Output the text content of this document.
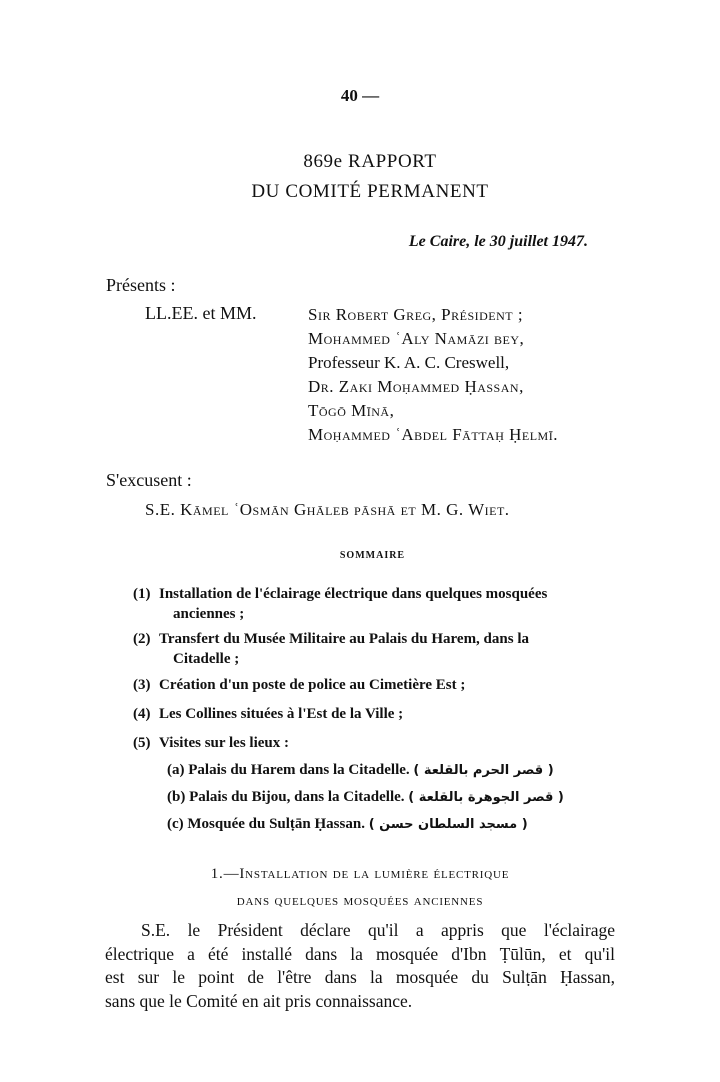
40 —
869e RAPPORT
DU COMITÉ PERMANENT
Le Caire, le 30 juillet 1947.
Présents :
LL.EE. et MM.	Sir Robert Greg, Président ;
Mohammed ʿAly Namāzi bey,
Professeur K. A. C. Creswell,
Dr. Zaki Moḥammed Ḥassan,
Tōgō Mīnā,
Moḥammed ʿAbdel Fāttaḥ Ḥelmī.
S'excusent :
S.E. Kāmel ʿOsmān Ghāleb pāshā et M. G. Wiet.
SOMMAIRE
(1) Installation de l'éclairage électrique dans quelques mosquées
anciennes ;
(2) Transfert du Musée Militaire au Palais du Harem, dans la
Citadelle ;
(3) Création d'un poste de police au Cimetière Est ;
(4) Les Collines situées à l'Est de la Ville ;
(5) Visites sur les lieux :
(a) Palais du Harem dans la Citadelle. ( قصر الحرم بالقلعة )
(b) Palais du Bijou, dans la Citadelle. ( قصر الجوهرة بالقلعة )
(c) Mosquée du Sulṭān Ḥassan. ( مسجد السلطان حسن )
1.—Installation de la lumière électrique
dans quelques mosquées anciennes
S.E. le Président déclare qu'il a appris que l'éclairage
électrique a été installé dans la mosquée d'Ibn Ṭūlūn, et qu'il
est sur le point de l'être dans la mosquée du Sulṭān Ḥassan,
sans que le Comité en ait pris connaissance.
